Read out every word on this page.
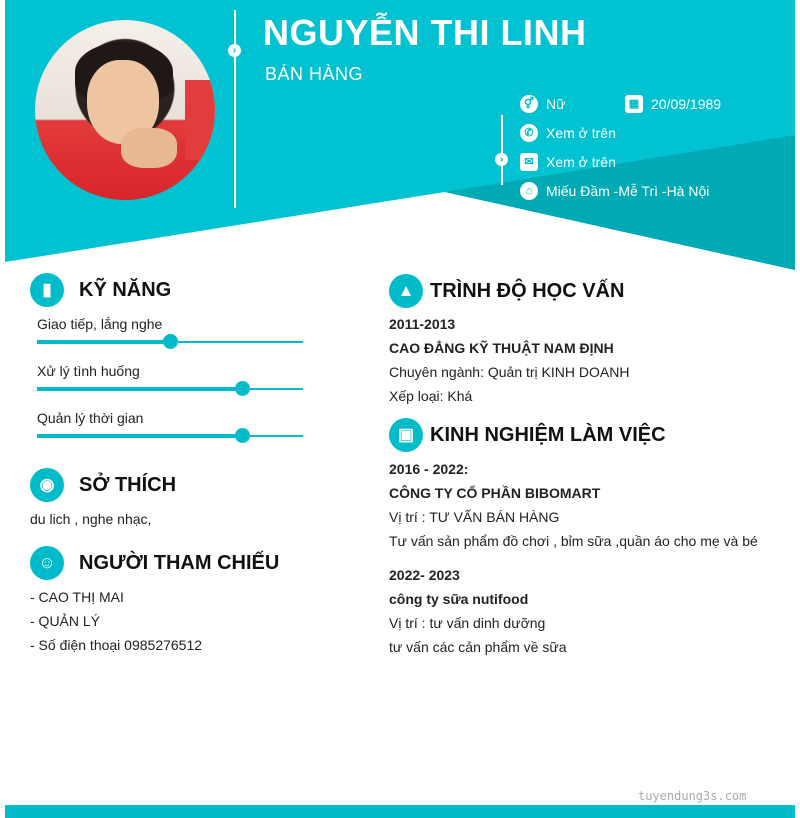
› NGUYỄN THI LINH
BÁN HÀNG
›
⚥ Nữ	▦ 20/09/1989
✆ Xem ở trên
✉ Xem ở trên
⌂ Miếu Đầm -Mễ Trì -Hà Nội
▮	KỸ NĂNG
Giao tiếp, lắng nghe
Xử lý tình huống
Quản lý thời gian
◉	SỞ THÍCH
du lich , nghe nhạc,
☺	NGƯỜI THAM CHIẾU
- CAO THỊ MAI
- QUẢN LÝ
- Số điện thoại 0985276512
▲ TRÌNH ĐỘ HỌC VẤN
2011-2013
CAO ĐẲNG KỸ THUẬT NAM ĐỊNH
Chuyên ngành: Quản trị KINH DOANH
Xếp loại: Khá
▣ KINH NGHIỆM LÀM VIỆC
2016 - 2022:
CÔNG TY CỔ PHẦN BIBOMART
Vị trí : TƯ VẤN BÁN HÀNG
Tư vấn sản phẩm đồ chơi , bỉm sữa ,quần áo cho mẹ và bé
2022- 2023
công ty sữa nutifood
Vị trí : tư vấn dinh dưỡng
tư vấn các cản phẩm về sữa
tuyendung3s.com
